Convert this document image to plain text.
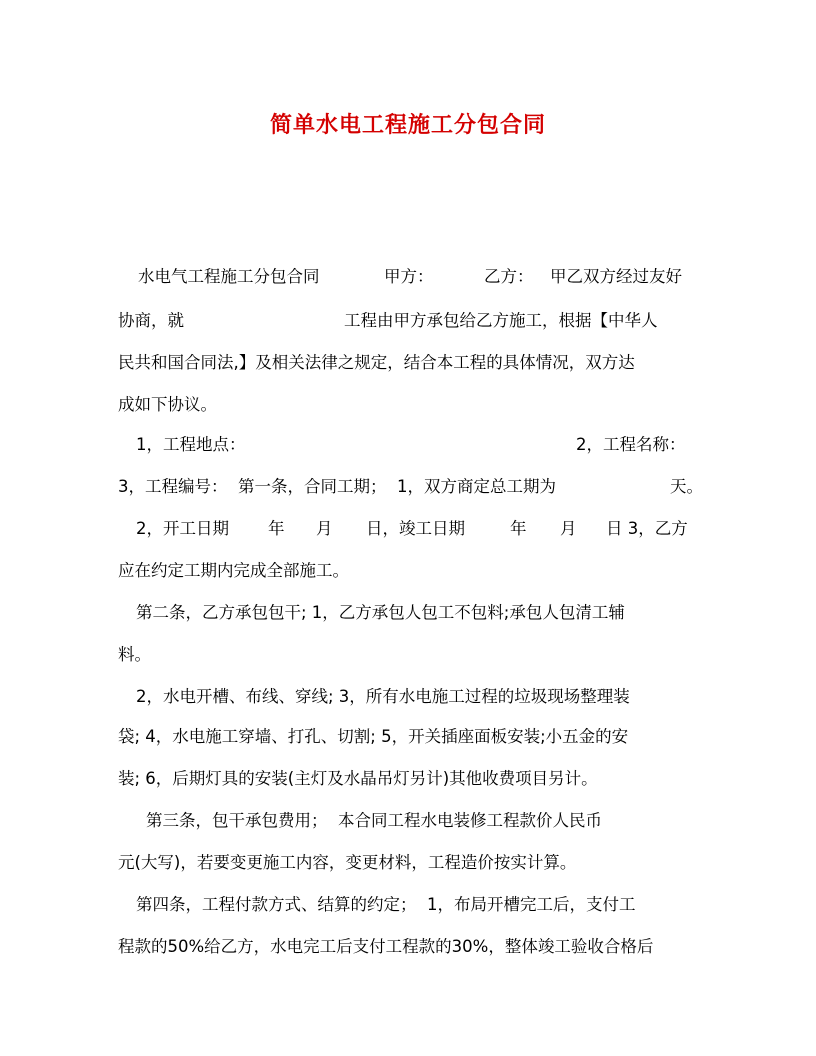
简单水电工程施工分包合同

水电气工程施工分包合同

	甲方：

	乙方：

甲乙双方经过友好

协商，就

	工程由甲方承包给乙方施工，根据【中华人

民共和国合同法,】及相关法律之规定，结合本工程的具体情况，双方达

成如下协议。

1，工程地点：

	2，工程名称：

3，工程编号：  第一条，合同工期；  1，双方商定总工期为

	天。

2，开工日期

年

月

日，竣工日期

	年

月

日 3，乙方

应在约定工期内完成全部施工。

第二条，乙方承包包干; 1，乙方承包人包工不包料;承包人包清工辅

料。

2，水电开槽、布线、穿线; 3，所有水电施工过程的垃圾现场整理装

袋; 4，水电施工穿墙、打孔、切割; 5，开关插座面板安装;小五金的安

装; 6，后期灯具的安装(主灯及水晶吊灯另计)其他收费项目另计。

第三条，包干承包费用；  本合同工程水电装修工程款价人民币

元(大写)，若要变更施工内容，变更材料，工程造价按实计算。

第四条，工程付款方式、结算的约定；  1，布局开槽完工后，支付工

程款的50%给乙方，水电完工后支付工程款的30%，整体竣工验收合格后
